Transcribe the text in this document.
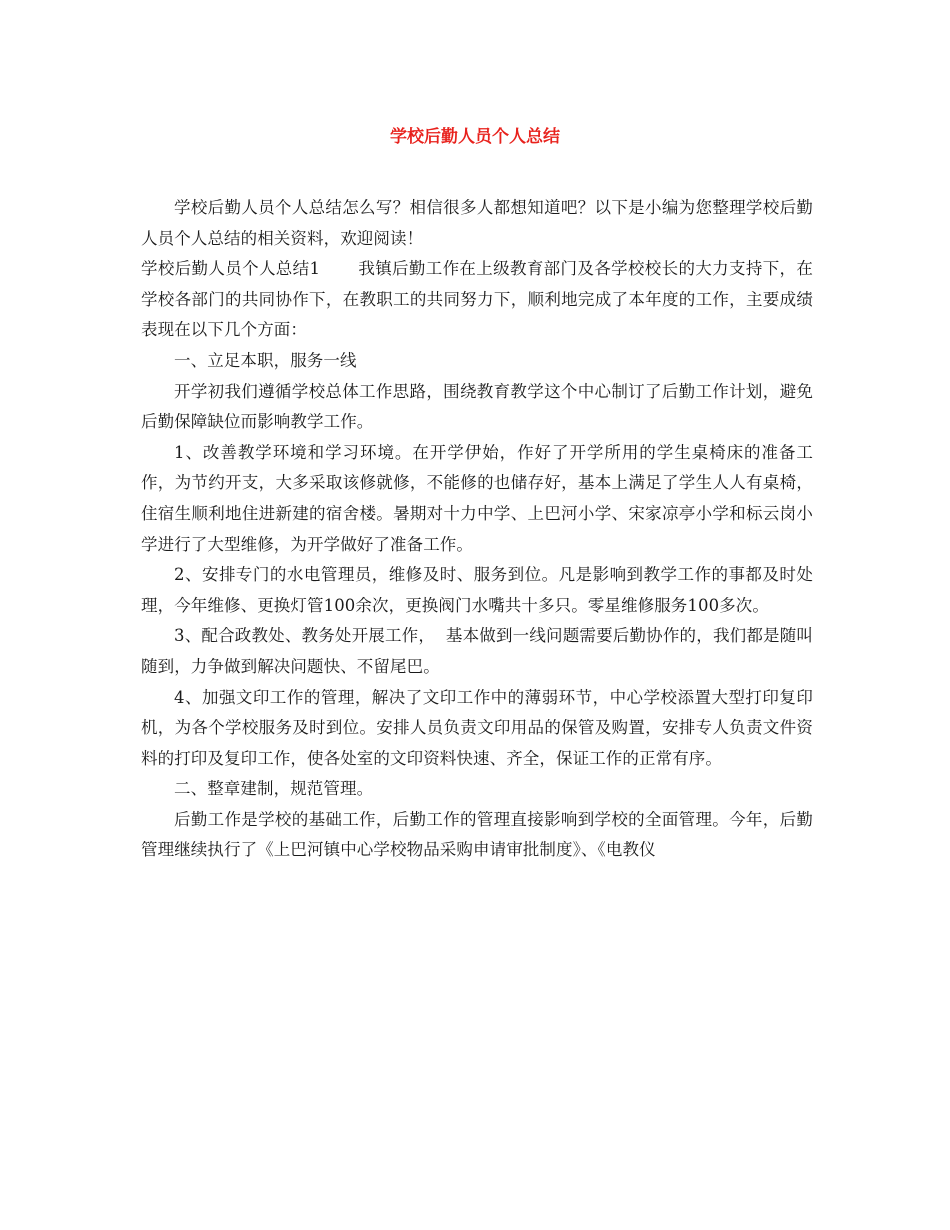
学校后勤人员个人总结

学校后勤人员个人总结怎么写？相信很多人都想知道吧？以下是小编为您整理学校后勤人员个人总结的相关资料，欢迎阅读！

学校后勤人员个人总结1 我镇后勤工作在上级教育部门及各学校校长的大力支持下，在学校各部门的共同协作下，在教职工的共同努力下，顺利地完成了本年度的工作，主要成绩表现在以下几个方面：

一、立足本职，服务一线

开学初我们遵循学校总体工作思路，围绕教育教学这个中心制订了后勤工作计划，避免后勤保障缺位而影响教学工作。

1、改善教学环境和学习环境。在开学伊始，作好了开学所用的学生桌椅床的准备工作，为节约开支，大多采取该修就修，不能修的也储存好，基本上满足了学生人人有桌椅，住宿生顺利地住进新建的宿舍楼。暑期对十力中学、上巴河小学、宋家凉亭小学和标云岗小学进行了大型维修，为开学做好了准备工作。

2、安排专门的水电管理员，维修及时、服务到位。凡是影响到教学工作的事都及时处理，今年维修、更换灯管100余次，更换阀门水嘴共十多只。零星维修服务100多次。

3、配合政教处、教务处开展工作，  基本做到一线问题需要后勤协作的，我们都是随叫随到，力争做到解决问题快、不留尾巴。

4、加强文印工作的管理，解决了文印工作中的薄弱环节，中心学校添置大型打印复印机，为各个学校服务及时到位。安排人员负责文印用品的保管及购置，安排专人负责文件资料的打印及复印工作，使各处室的文印资料快速、齐全，保证工作的正常有序。

二、整章建制，规范管理。

后勤工作是学校的基础工作，后勤工作的管理直接影响到学校的全面管理。今年，后勤管理继续执行了《上巴河镇中心学校物品采购申请审批制度》、《电教仪
